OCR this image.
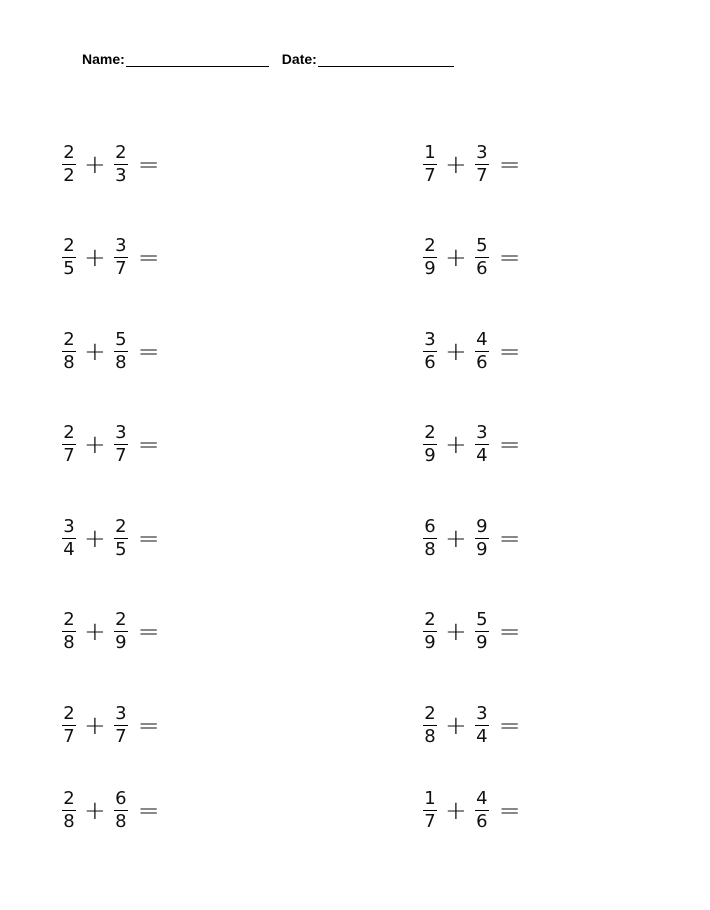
Name:	Date:
$\frac{2}{2} + \frac{2}{3}$ =	$\frac{1}{7} + \frac{3}{7}$ =
$\frac{2}{5} + \frac{3}{7}$ =	$\frac{2}{9} + \frac{5}{6}$ =
$\frac{2}{8} + \frac{5}{8}$ =	$\frac{3}{6} + \frac{4}{6}$ =
$\frac{2}{7} + \frac{3}{7}$ =	$\frac{2}{9} + \frac{3}{4}$ =
$\frac{3}{4} + \frac{2}{5}$ =	$\frac{6}{8} + \frac{9}{9}$ =
$\frac{2}{8} + \frac{2}{9}$ =	$\frac{2}{9} + \frac{5}{9}$ =
$\frac{2}{7} + \frac{3}{7}$ =	$\frac{2}{8} + \frac{3}{4}$ =
$\frac{2}{8} + \frac{6}{8}$ =	$\frac{1}{7} + \frac{4}{6}$ =
